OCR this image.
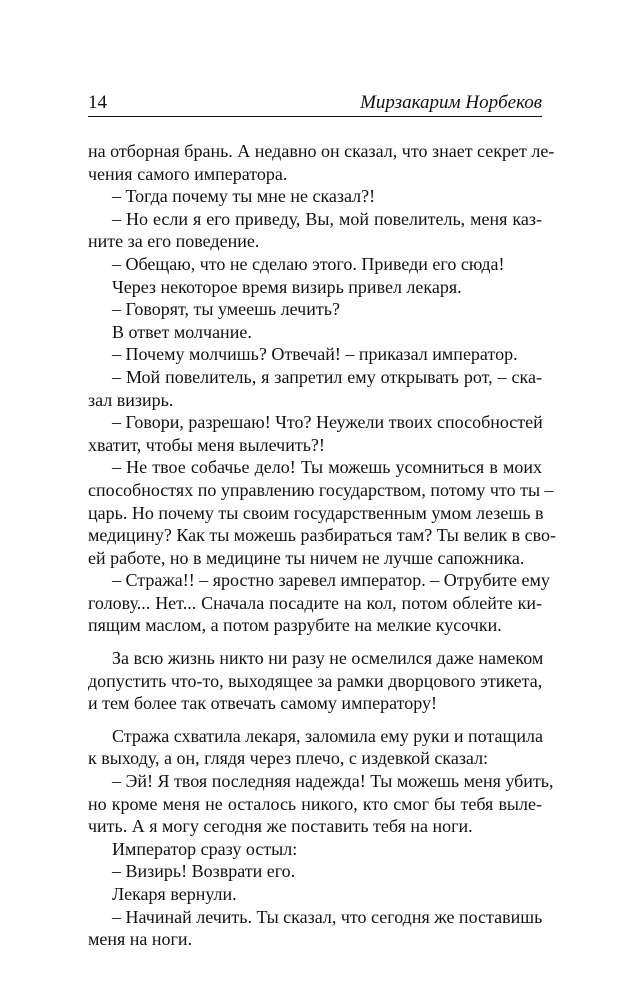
14	Мирзакарим Норбеков
на отборная брань. А недавно он сказал, что знает секрет ле-
чения самого императора.
– Тогда почему ты мне не сказал?!
– Но если я его приведу, Вы, мой повелитель, меня каз-
ните за его поведение.
– Обещаю, что не сделаю этого. Приведи его сюда!
Через некоторое время визирь привел лекаря.
– Говорят, ты умеешь лечить?
В ответ молчание.
– Почему молчишь? Отвечай! – приказал император.
– Мой повелитель, я запретил ему открывать рот, – ска-
зал визирь.
– Говори, разрешаю! Что? Неужели твоих способностей
хватит, чтобы меня вылечить?!
– Не твое собачье дело! Ты можешь усомниться в моих
способностях по управлению государством, потому что ты –
царь. Но почему ты своим государственным умом лезешь в
медицину? Как ты можешь разбираться там? Ты велик в сво-
ей работе, но в медицине ты ничем не лучше сапожника.
– Стража!! – яростно заревел император. – Отрубите ему
голову... Нет... Сначала посадите на кол, потом облейте ки-
пящим маслом, а потом разрубите на мелкие кусочки.
За всю жизнь никто ни разу не осмелился даже намеком
допустить что-то, выходящее за рамки дворцового этикета,
и тем более так отвечать самому императору!
Стража схватила лекаря, заломила ему руки и потащила
к выходу, а он, глядя через плечо, с издевкой сказал:
– Эй! Я твоя последняя надежда! Ты можешь меня убить,
но кроме меня не осталось никого, кто смог бы тебя выле-
чить. А я могу сегодня же поставить тебя на ноги.
Император сразу остыл:
– Визирь! Возврати его.
Лекаря вернули.
– Начинай лечить. Ты сказал, что сегодня же поставишь
меня на ноги.
